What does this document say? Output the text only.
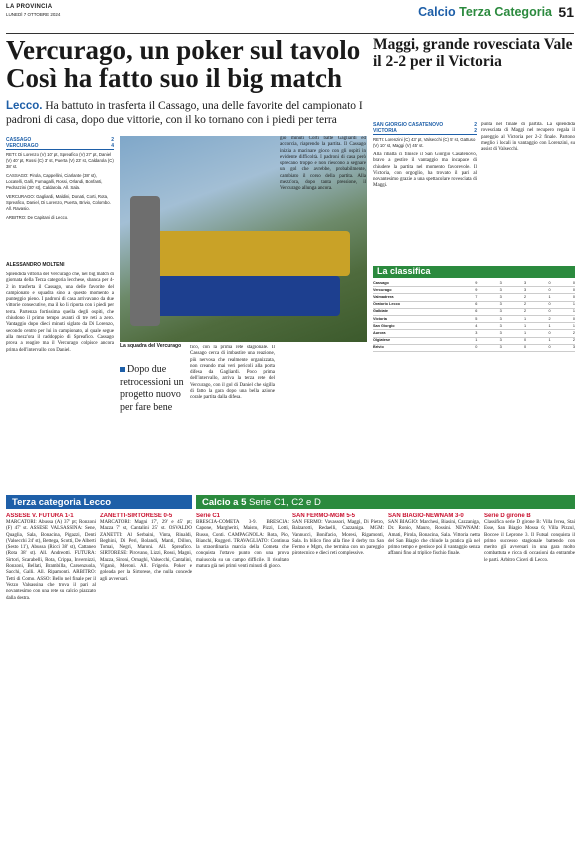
LA PROVINCIA
LUNEDÌ 7 OTTOBRE 2024	Calcio Terza Categoria 51
Vercurago, un poker sul tavolo Così ha fatto suo il big match
Lecco. Ha battuto in trasferta il Cassago, una delle favorite del campionato I padroni di casa, dopo due vittorie, con il ko tornano con i piedi per terra
CASSAGO	2
VERCURAGO	4

RETI: Di Lorenzo (V) 10' pt, Spreafico (V) 27' pt, Daniel (V) 40' pt, Rossi (C) 3' st, Puerta (V) 23' st, Caldarola (C) 38' st.

CASSAGO: Pirola, Cappellini, Ciarlante (38' st), Locatelli, Galli, Fumagalli, Rossi, Orlandi, Bonfanti, Pedrazzini (30' st), Caldarola. All. Sala.

VERCURAGO: Gagliardi, Maldini, Donati, Corti, Rota, Spreafico, Daniel, Di Lorenzo, Puerta, Brivio, Colombo. All. Ravasio.

ARBITRO: De Capitani di Lecco.

ALESSANDRO MOLTENI
Splendida vittoria del Vercurago che, nel big match di giornata della Terza categoria lecchese, sbanca per 4-2 in trasferta il Cassago, una delle favorite del campionato e squadra sino a questo momento a punteggio pieno. I padroni di casa arrivavano da due vittorie consecutive, ma il ko li riporta con i piedi per terra. Partenza fortissima quella degli ospiti, che chiudono il primo tempo avanti di tre reti a zero. Vantaggio dopo dieci minuti siglato da Di Lorenzo, secondo centro per lui in campionato, al quale segue alla mezz'ora il raddoppio di Spreafico. Cassago prova a reagire ma il Vercurago colpisce ancora prima dell'intervallo con Daniel.
La squadra del Vercurago
Dopo due retrocessioni un progetto nuovo per fare bene
fico, con la prima rete stagionale. Il Cassago cerca di imbastire una reazione, più nervosa che realmente organizzata, non creando mai veri pericoli alla porta difesa da Gagliardi. Poco prima dell'intervallo, arriva la terza rete del Vercurago, con il gol di Daniel che sigilla di fatto la gara dopo una bella azione corale partita dalla difesa.
gio minuti Corti batte Gagliardi ed accorcia, riaprendo la partita. Il Cassago inizia a macinare gioco con gli ospiti in evidente difficoltà. I padroni di casa però sprecano troppo e non riescono a segnare un gol che avrebbe, probabilmente, cambiato il corso della partita. Alla mezz'ora, dopo tanta pressione, il Vercurago allunga ancora.
Maggi, grande rovesciata Vale il 2-2 per il Victoria
SAN GIORGIO CASATENOVO	2
VICTORIA	2

RETI: Lorenzini (C) 43' pt, Valsecchi (C) 5' st, Gattuso (V) 10' st, Maggi (V) 45' st.

Alla ribalta ci finisce il San Giorgio Casatenovo, bravo a gestire il vantaggio ma incapace di chiudere la partita nel momento favorevole. Il Victoria, con orgoglio, ha trovato il pari al novantesimo grazie a una spettacolare rovesciata di Maggi.

punta nel finale di partita. La splendida rovesciata di Maggi nel recupero regala il pareggio al Victoria per 2-2 finale. Partono meglio i locali in vantaggio con Lorenzini, su assist di Valsecchi.
La classifica
Cassago	9	3	3	0	0
Vercurago	9	3	3	0	0
Valmadrera	7	3	2	1	0
Oratorio Lecco	6	3	2	0	1
Galbiate	6	3	2	0	1
Victoria	5	3	1	2	0
San Giorgio	4	3	1	1	1
Aurora	3	3	1	0	2
Olgiatese	1	3	0	1	2
Brivio	0	3	0	0	3
Terza categoria Lecco	Calcio a 5
Serie C1, C2 e D
ASSESE V. FUTURA 1-1
MARCATORI: Abussa (A) 37' pt; Ronzoni (F) 47' st. ASSESE VALSASSINA: Sene, Quaglia, Sala, Bonacina, Pigazzi, Denti (Valsecchi 24' st), Bettega, Scotti, De Alberti (Sesto 11'), Abussa (Ricci 38' st), Cattaneo (Rota 38' st). All. Andreotti. FUTURA: Sirtori, Scarabelli, Rota, Crippa, Invernizzi, Ronzoni, Bellati, Brambilla, Carsenzuola, Sacchi, Galli. All. Ripamonti. ARBITRO: Tetti di Como. ASSO: Bello nel finale per il Vezzo Valsassina che trova il pari al novantesimo con una rete su calcio piazzato dalla destra.
ZANETTI-SIRTORESE 0-5
MARCATORI: Magni 17', 29' e 45' pt; Mazza 7' st, Cantalini 25' st. OSVALDO ZANETTI: Al Serbaini, Vinta, Rinaldi, Beghini, Di Peri, Bolandi, Manti, Dillon, Tomai, Negri, Maroni. All. Spreafico. SIRTORESE: Pirovano, Lizzi, Rossi, Magni, Mazza, Sironi, Ornaghi, Valsecchi, Cantalini, Viganò, Meroni. All. Frigerio. Poker e goleada per la Sirtorese, che nulla concede agli avversari.
Serie C1
BRESCIA-COMETA 3-9. BRESCIA: Capone, Margheriti, Maisto, Pizzi, Lotti, Russo, Conti. CAMPAGNOLA: Rota, Pio, Bianchi, Ruggeri. TRAVAGLIATO: Continua la straordinaria marcia della Cometa che conquista l'ottavo punto con una prova maiuscola su un campo difficile. Il risultato matura già nei primi venti minuti di gioco.
SAN FERMO-MGM 5-5
SAN FERMO: Vavassori, Maggi, Di Pietro, Balzarotti, Redaelli, Cazzaniga. MGM: Vannucci, Bonifacio, Moresi, Rigamonti, Sala. In bilico fino alla fine il derby tra San Fermo e Mgm, che termina con un pareggio pirotecnico e dieci reti complessive.
SAN BIAGIO-NEWNAM 3-0
SAN BIAGIO: Marchesi, Biasini, Cazzaniga, Dr. Ronio, Mauro, Rossini. NEWNAM: Amati, Pirola, Bonacina, Sala. Vittoria netta del San Biagio che chiude la pratica già nel primo tempo e gestisce poi il vantaggio senza affanni fino al triplice fischio finale.
Serie D girone B
Classifica serie D girone B: Villa Ivrea, Stai Esse, San Biagio Mossa 6; Villa Pizzul, Boccee il Leprone 3. Il Futsal conquista il primo successo stagionale battendo con merito gli avversari in una gara molto combattuta e ricca di occasioni da entrambe le parti. Arbitro Ciceri di Lecco.
